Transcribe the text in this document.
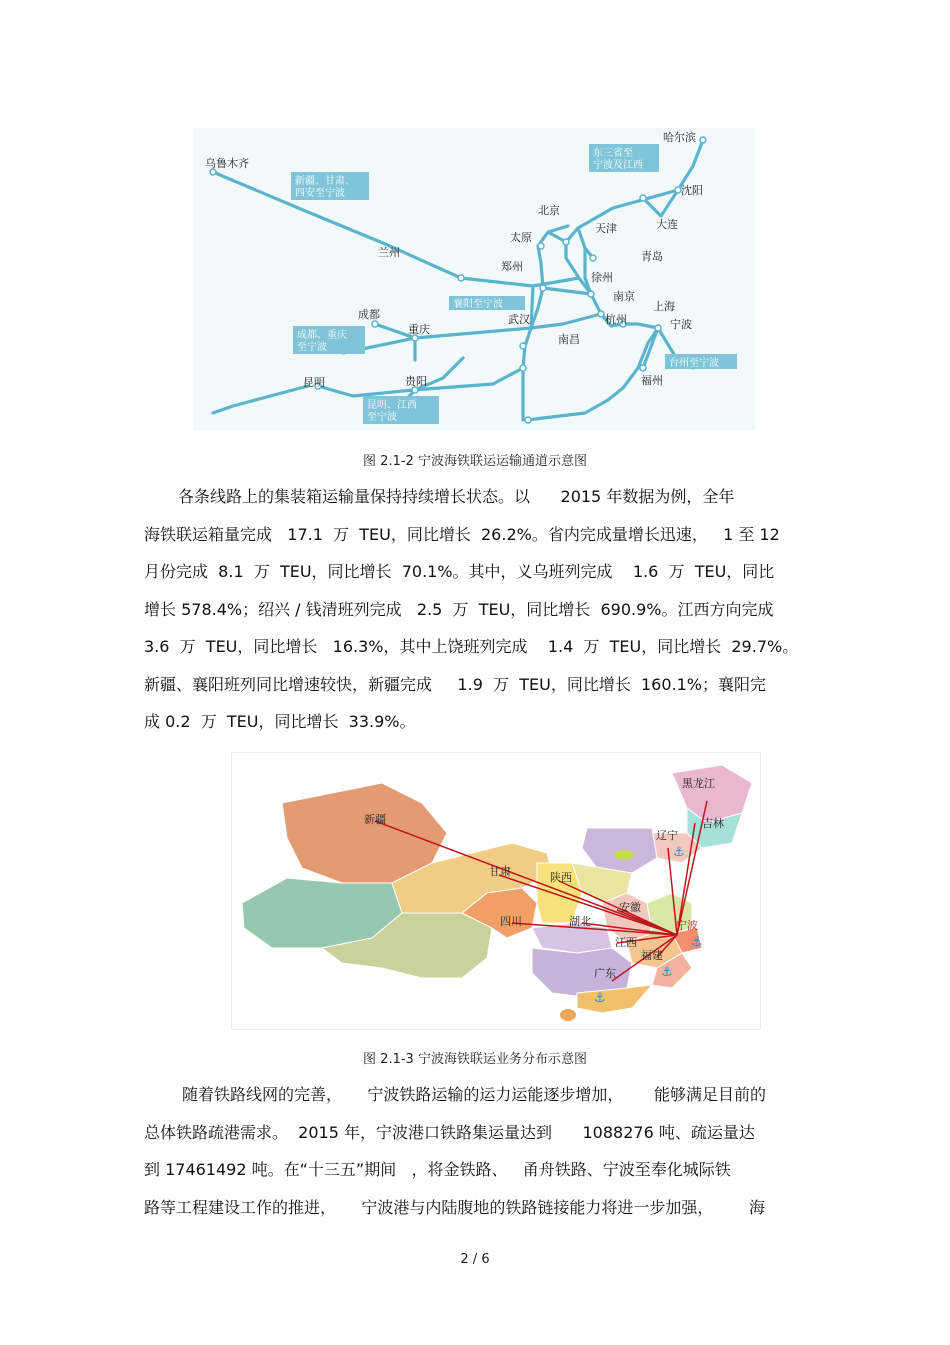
哈尔滨
沈阳
大连
乌鲁木齐
北京
天津
太原
青岛
兰州
郑州
徐州
南京
上海
成都
重庆
武汉	杭州	宁波
南昌
昆明	贵阳	福州
东三省至
宁波及江西
新疆、甘肃、
四安至宁波
襄阳至宁波
成都、重庆
至宁波
台州至宁波
昆明、江西
至宁波
图 2.1-2 宁波海铁联运运输通道示意图
各条线路上的集装箱运输量保持持续增长状态。以      2015 年数据为例，全年
海铁联运箱量完成   17.1  万  TEU，同比增长  26.2%。省内完成量增长迅速，   1 至 12
月份完成  8.1  万  TEU，同比增长  70.1%。其中，义乌班列完成    1.6  万  TEU，同比
增长 578.4%；绍兴 / 钱清班列完成   2.5  万  TEU，同比增长  690.9%。江西方向完成
3.6  万  TEU，同比增长   16.3%，其中上饶班列完成    1.4  万  TEU，同比增长  29.7%。
新疆、襄阳班列同比增速较快，新疆完成     1.9  万  TEU，同比增长  160.1%；襄阳完
成 0.2  万  TEU，同比增长  33.9%。
⚓
⚓
⚓
⚓
黑龙江
吉林
辽宁
新疆
甘肃	陕西
安徽
四川	湖北	宁波
江西
福建
广东
图 2.1-3 宁波海铁联运业务分布示意图
随着铁路线网的完善，     宁波铁路运输的运力运能逐步增加，      能够满足目前的
总体铁路疏港需求。  2015 年，宁波港口铁路集运量达到      1088276 吨、疏运量达
到 17461492 吨。在“十三五”期间   ，将金铁路、   甬舟铁路、宁波至奉化城际铁
路等工程建设工作的推进，     宁波港与内陆腹地的铁路链接能力将进一步加强，       海
2 / 6
